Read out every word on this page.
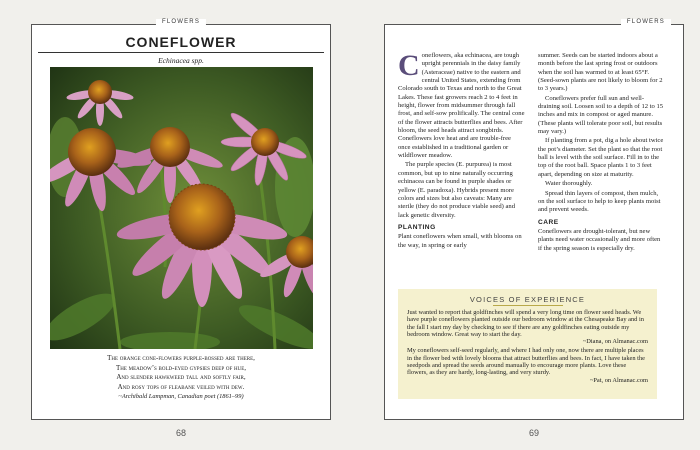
FLOWERS
CONEFLOWER
Echinacea spp.
The orange cone-flowers purple-bossed are there,
The meadow’s bold-eyed gypsies deep of hue,
And slender hawkweed tall and softly fair,
And rosy tops of fleabane veiled with dew.
~Archibald Lampman, Canadian poet (1861–99)
68
FLOWERS

Coneflowers, aka echinacea, are tough upright perennials in the daisy family (Asteraceae) native to the eastern and central United States, extending from Colorado south to Texas and north to the Great Lakes. These fast growers reach 2 to 4 feet in height, flower from midsummer through fall frost, and self-sow prolifically. The central cone of the flower attracts butterflies and bees. After bloom, the seed heads attract songbirds. Coneflowers love heat and are trouble-free once established in a traditional garden or wildflower meadow.

The purple species (E. purpurea) is most common, but up to nine naturally occurring echinacea can be found in purple shades or yellow (E. paradoxa). Hybrids present more colors and sizes but also caveats: Many are sterile (they do not produce viable seed) and lack genetic diversity.

PLANTING

Plant coneflowers when small, with blooms on the way, in spring or early

summer. Seeds can be started indoors about a month before the last spring frost or outdoors when the soil has warmed to at least 65°F. (Seed-sown plants are not likely to bloom for 2 to 3 years.)

Coneflowers prefer full sun and well-draining soil. Loosen soil to a depth of 12 to 15 inches and mix in compost or aged manure. (These plants will tolerate poor soil, but results may vary.)

If planting from a pot, dig a hole about twice the pot’s diameter. Set the plant so that the root ball is level with the soil surface. Fill in to the top of the root ball. Space plants 1 to 3 feet apart, depending on size at maturity.

Water thoroughly.

Spread thin layers of compost, then mulch, on the soil surface to help to keep plants moist and prevent weeds.

CARE

Coneflowers are drought-tolerant, but new plants need water occasionally and more often if the spring season is especially dry.

VOICES OF EXPERIENCE

Just wanted to report that goldfinches will spend a very long time on flower seed heads. We have purple coneflowers planted outside our bedroom window at the Chesapeake Bay and in the fall I start my day by checking to see if there are any goldfinches eating outside my bedroom window. Great way to start the day.
~Diana, on Almanac.com

My coneflowers self-seed regularly, and where I had only one, now there are multiple places in the flower bed with lovely blooms that attract butterflies and bees. In fact, I have taken the seedpods and spread the seeds around manually to encourage more plants. Love these flowers, as they are hardy, long-lasting, and very sturdy.
~Pat, on Almanac.com

69
